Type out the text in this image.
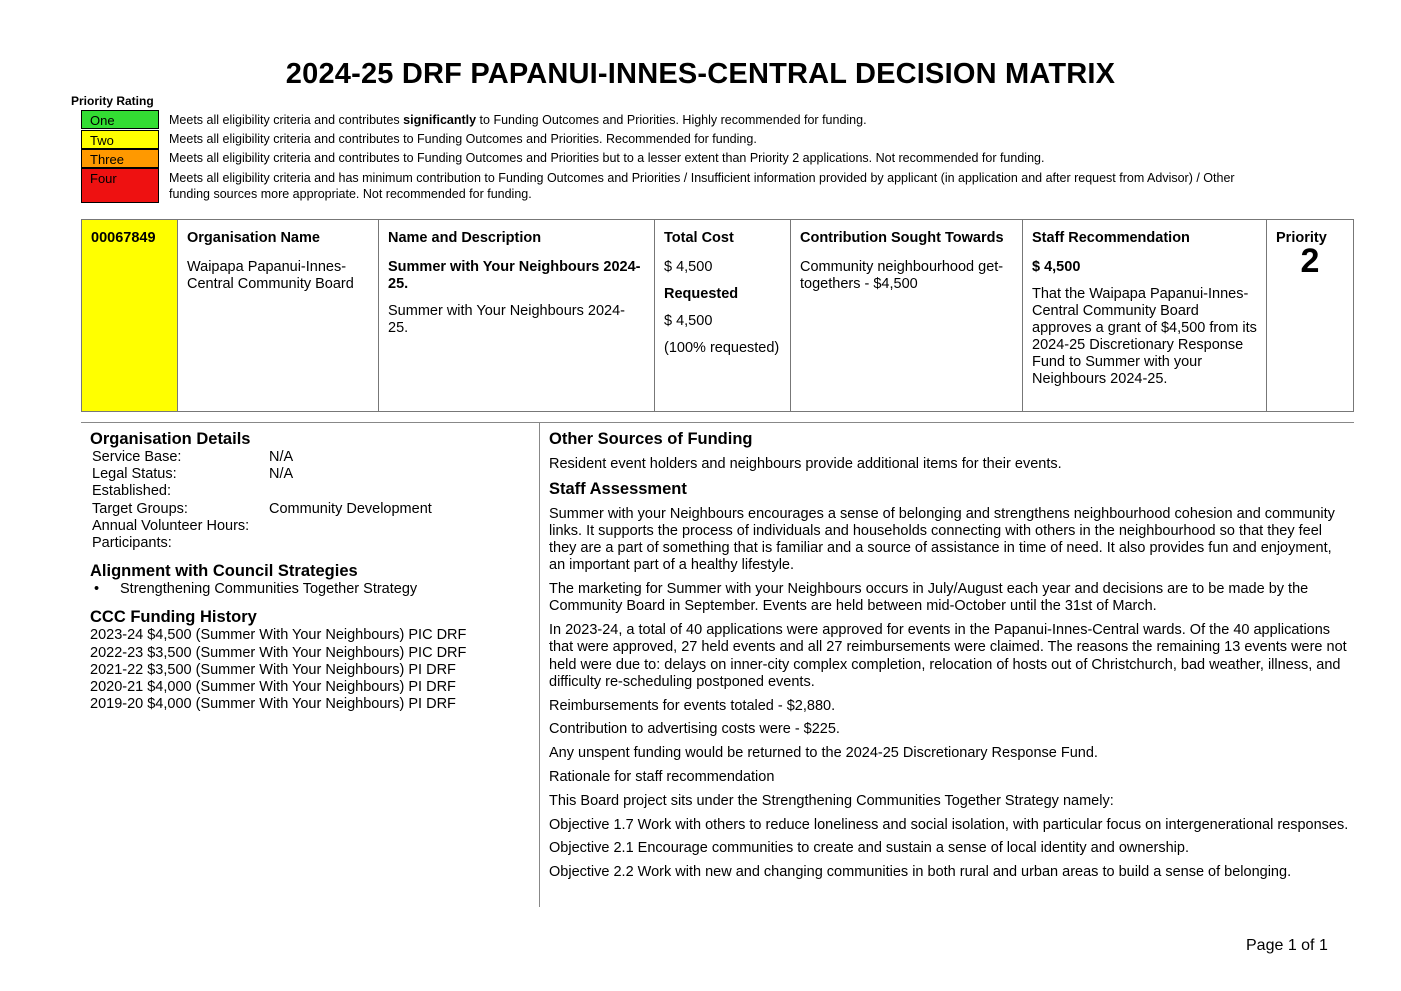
2024-25 DRF PAPANUI-INNES-CENTRAL DECISION MATRIX
Priority Rating
One	Meets all eligibility criteria and contributes significantly to Funding Outcomes and Priorities. Highly recommended for funding.
Two	Meets all eligibility criteria and contributes to Funding Outcomes and Priorities. Recommended for funding.
Three	Meets all eligibility criteria and contributes to Funding Outcomes and Priorities but to a lesser extent than Priority 2 applications. Not recommended for funding.
Four	Meets all eligibility criteria and has minimum contribution to Funding Outcomes and Priorities / Insufficient information provided by applicant (in application and after request from Advisor) / Other
funding sources more appropriate. Not recommended for funding.
00067849	Organisation Name
Waipapa Papanui-Innes-Central Community Board

Name and Description
Summer with Your Neighbours 2024-25.
Summer with Your Neighbours 2024-25.

Total Cost
$ 4,500
Requested
$ 4,500
(100% requested)

Contribution Sought Towards
Community neighbourhood get-togethers - $4,500

Staff Recommendation
$ 4,500
That the Waipapa Papanui-Innes-Central Community Board approves a grant of $4,500 from its 2024-25 Discretionary Response Fund to Summer with your Neighbours 2024-25.

Priority
2
Organisation Details
Service Base:	N/A
Legal Status:	N/A
Established:
Target Groups:	Community Development
Annual Volunteer Hours:
Participants:
Alignment with Council Strategies
• Strengthening Communities Together Strategy
CCC Funding History
2023-24 $4,500 (Summer With Your Neighbours) PIC DRF
2022-23 $3,500 (Summer With Your Neighbours) PIC DRF
2021-22 $3,500 (Summer With Your Neighbours) PI DRF
2020-21 $4,000 (Summer With Your Neighbours) PI DRF
2019-20 $4,000 (Summer With Your Neighbours) PI DRF
Other Sources of Funding
Resident event holders and neighbours provide additional items for their events.
Staff Assessment
Summer with your Neighbours encourages a sense of belonging and strengthens neighbourhood cohesion and community links. It supports the process of individuals and households connecting with others in the neighbourhood so that they feel they are a part of something that is familiar and a source of assistance in time of need. It also provides fun and enjoyment, an important part of a healthy lifestyle.
The marketing for Summer with your Neighbours occurs in July/August each year and decisions are to be made by the Community Board in September. Events are held between mid-October until the 31st of March.
In 2023-24, a total of 40 applications were approved for events in the Papanui-Innes-Central wards. Of the 40 applications that were approved, 27 held events and all 27 reimbursements were claimed. The reasons the remaining 13 events were not held were due to: delays on inner-city complex completion, relocation of hosts out of Christchurch, bad weather, illness, and difficulty re-scheduling postponed events.
Reimbursements for events totaled - $2,880.
Contribution to advertising costs were - $225.
Any unspent funding would be returned to the 2024-25 Discretionary Response Fund.
Rationale for staff recommendation
This Board project sits under the Strengthening Communities Together Strategy namely:
Objective 1.7 Work with others to reduce loneliness and social isolation, with particular focus on intergenerational responses.
Objective 2.1 Encourage communities to create and sustain a sense of local identity and ownership.
Objective 2.2 Work with new and changing communities in both rural and urban areas to build a sense of belonging.
Page 1 of 1
